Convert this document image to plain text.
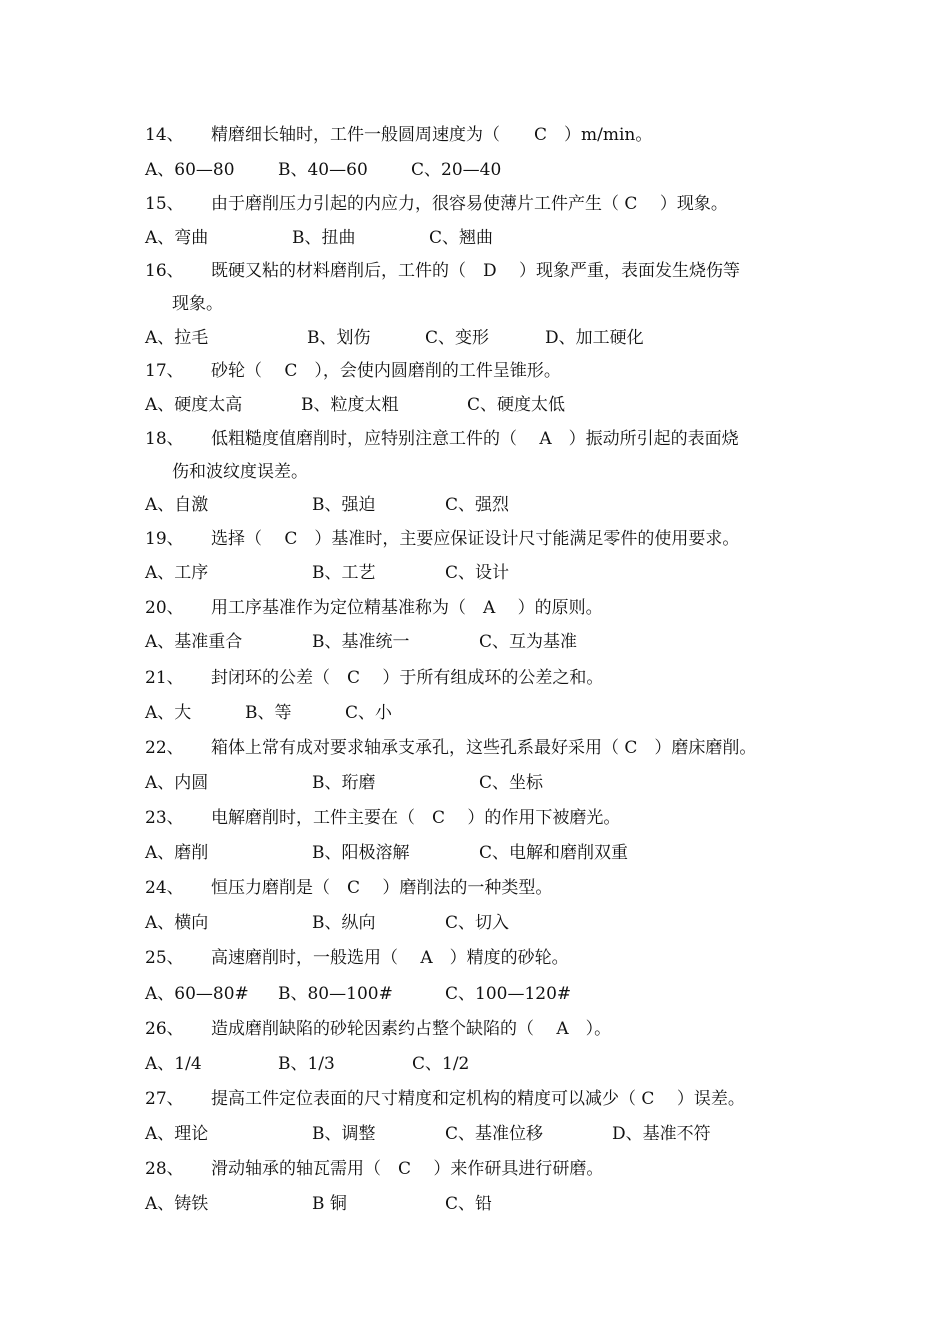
14、 精磨细长轴时，工件一般圆周速度为（　　C　）m/min。
A、60—80	B、40—60	C、20—40
15、 由于磨削压力引起的内应力，很容易使薄片工件产生（ C　 ）现象。
A、弯曲	B、扭曲	C、翘曲
16、 既硬又粘的材料磨削后，工件的（　D　 ）现象严重，表面发生烧伤等
现象。
A、拉毛	B、划伤	C、变形	D、加工硬化
17、 砂轮（　 C　），会使内圆磨削的工件呈锥形。
A、硬度太高	B、粒度太粗	C、硬度太低
18、 低粗糙度值磨削时，应特别注意工件的（　 A　）振动所引起的表面烧
伤和波纹度误差。
A、自激	B、强迫	C、强烈
19、 选择（　 C　）基准时，主要应保证设计尺寸能满足零件的使用要求。
A、工序	B、工艺	C、设计
20、 用工序基准作为定位精基准称为（　A　 ）的原则。
A、基准重合	B、基准统一	C、互为基准
21、 封闭环的公差（　C　 ）于所有组成环的公差之和。
A、大	B、等	C、小
22、 箱体上常有成对要求轴承支承孔，这些孔系最好采用（ C　）磨床磨削。
A、内圆	B、珩磨	C、坐标
23、 电解磨削时，工件主要在（　C　 ）的作用下被磨光。
A、磨削	B、阳极溶解	C、电解和磨削双重
24、 恒压力磨削是（　C　 ）磨削法的一种类型。
A、横向	B、纵向	C、切入
25、 高速磨削时，一般选用（　 A　）精度的砂轮。
A、60—80# B、80—100#	C、100—120#
26、 造成磨削缺陷的砂轮因素约占整个缺陷的（　 A　）。
A、1/4	B、1/3	C、1/2
27、 提高工件定位表面的尺寸精度和定机构的精度可以减少（ C　 ）误差。
A、理论	B、调整	C、基准位移	D、基准不符
28、 滑动轴承的轴瓦需用（　C　 ）来作研具进行研磨。
A、铸铁	B 铜	C、铅
